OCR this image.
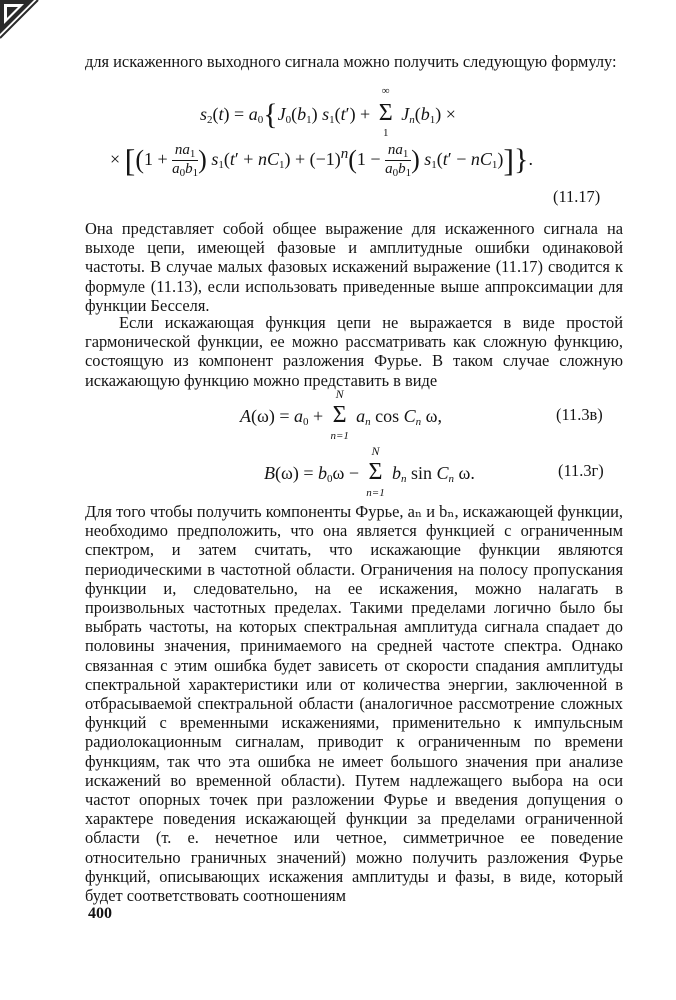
для искаженного выходного сигнала можно получить следующую формулу:

$s_2(t) = a_0\{J_0(b_1) s_1(t')$ +
∞
Σ
1
$J_n(b_1)$ ×
× [($1 + \frac{na_1}{a_0b_1}$ ) $s_1(t' + nC_1) + (-1)^n(1 - \frac{na_1}{a_0b_1}$ ) $s_1(t' - nC_1)$]}.
(11.17)

Она представляет собой общее выражение для искаженного сигнала на выходе цепи, имеющей фазовые и амплитудные ошибки одинаковой частоты. В случае малых фазовых искажений выражение (11.17) сводится к формуле (11.13), если использовать приведенные выше аппроксимации для функции Бесселя.

Если искажающая функция цепи не выражается в виде простой гармонической функции, ее можно рассматривать как сложную функцию, состоящую из компонент разложения Фурье. В таком случае сложную искажающую функцию можно представить в виде

$A(\omega) = a_0$ +
N
Σ
n=1
$a_n$ $\cos C_n$ ω,	(11.3в)
$B(\omega) = b_0\omega$ −
N
Σ
n=1
$b_n$ $\sin C_n$ ω.	(11.3г)

Для того чтобы получить компоненты Фурье, aₙ и bₙ, искажающей функции, необходимо предположить, что она является функцией с ограниченным спектром, и затем считать, что искажающие функции являются периодическими в частотной области. Ограничения на полосу пропускания функции и, следовательно, на ее искажения, можно налагать в произвольных частотных пределах. Такими пределами логично было бы выбрать частоты, на которых спектральная амплитуда сигнала спадает до половины значения, принимаемого на средней частоте спектра. Однако связанная с этим ошибка будет зависеть от скорости спадания амплитуды спектральной характеристики или от количества энергии, заключенной в отбрасываемой спектральной области (аналогичное рассмотрение сложных функций с временными искажениями, применительно к импульсным радиолокационным сигналам, приводит к ограниченным по времени функциям, так что эта ошибка не имеет большого значения при анализе искажений во временной области). Путем надлежащего выбора на оси частот опорных точек при разложении Фурье и введения допущения о характере поведения искажающей функции за пределами ограниченной области (т. е. нечетное или четное, симметричное ее поведение относительно граничных значений) можно получить разложения Фурье функций, описывающих искажения амплитуды и фазы, в виде, который будет соответствовать соотношениям

400
